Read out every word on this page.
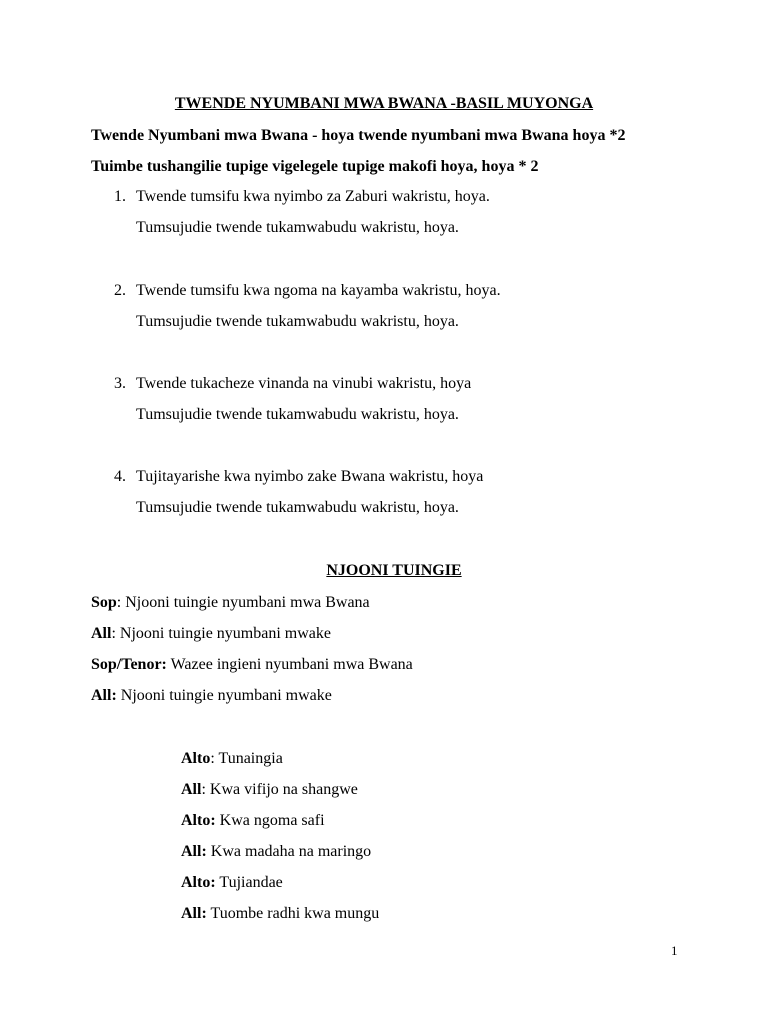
TWENDE NYUMBANI MWA BWANA -BASIL MUYONGA
Twende Nyumbani mwa Bwana - hoya twende nyumbani mwa Bwana hoya *2
Tuimbe tushangilie tupige vigelegele tupige makofi hoya, hoya * 2
1. Twende tumsifu kwa nyimbo za Zaburi wakristu, hoya.
Tumsujudie twende tukamwabudu wakristu, hoya.
2. Twende tumsifu kwa ngoma na kayamba wakristu, hoya.
Tumsujudie twende tukamwabudu wakristu, hoya.
3. Twende tukacheze vinanda na vinubi wakristu, hoya
Tumsujudie twende tukamwabudu wakristu, hoya.
4. Tujitayarishe kwa nyimbo zake Bwana wakristu, hoya
Tumsujudie twende tukamwabudu wakristu, hoya.
NJOONI TUINGIE
Sop: Njooni tuingie nyumbani mwa Bwana
All: Njooni tuingie nyumbani mwake
Sop/Tenor: Wazee ingieni nyumbani mwa Bwana
All: Njooni tuingie nyumbani mwake
Alto: Tunaingia
All: Kwa vifijo na shangwe
Alto: Kwa ngoma safi
All: Kwa madaha na maringo
Alto: Tujiandae
All: Tuombe radhi kwa mungu
1
